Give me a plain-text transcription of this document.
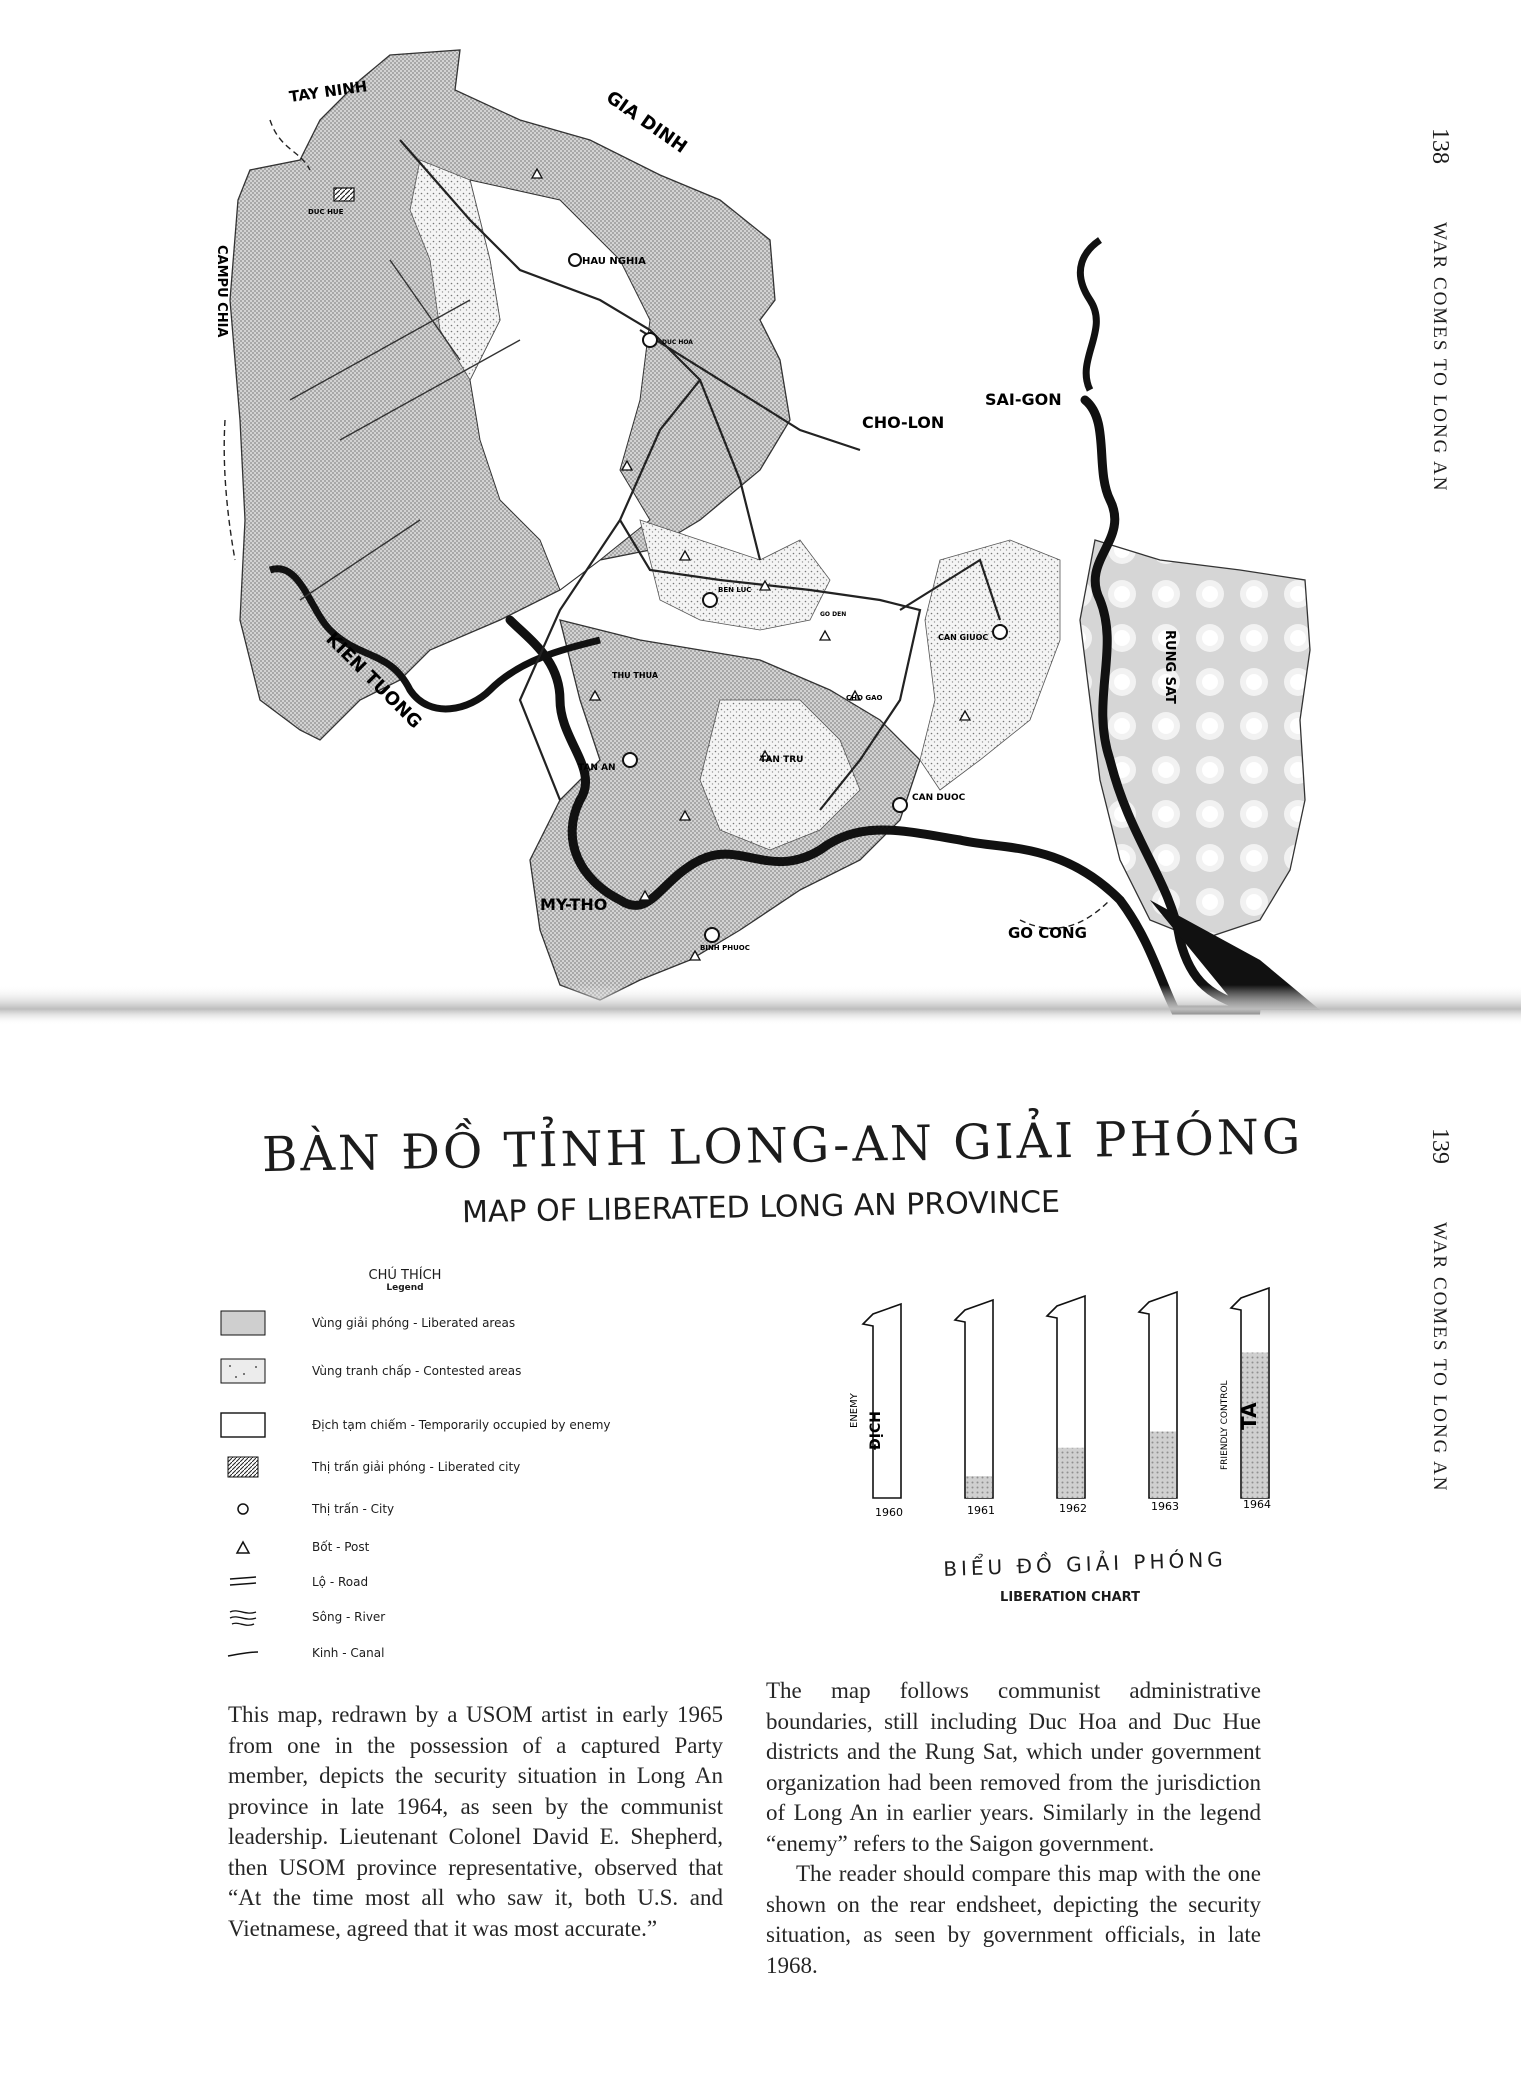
138
WAR COMES TO LONG AN
139
WAR COMES TO LONG AN
TAY NINH	GIA DINH
CAMPU CHIA
KIEN TUONG
SAI-GON
CHO-LON
MY-THO
GO CONG
RUNG SAT
DUC HUE
HAU NGHIA
DUC HOA
BEN LUC
THU THUA
TAN AN
TAN TRU
CAN GIUOC
CHO GAO
CAN DUOC
BINH PHUOC
GO DEN
BÀN ĐỒ TỈNH LONG-AN GIẢI PHÓNG
MAP OF LIBERATED LONG AN PROVINCE
CHÚ THÍCH
Legend
Vùng giải phóng - Liberated areas
Vùng tranh chấp - Contested areas
Địch tạm chiếm - Temporarily occupied by enemy
Thị trấn giải phóng - Liberated city
Thị trấn - City
Bốt - Post
Lộ - Road
Sông - River
Kinh - Canal
1960	1961	1962	1963	1964
ENEMY
ĐỊCH	FRIENDLY CONTROL TA
BIỂU ĐỒ GIẢI PHÓNG
LIBERATION CHART

This map, redrawn by a USOM artist in early 1965 from one in the possession of a captured Party member, depicts the security situation in Long An province in late 1964, as seen by the communist leadership. Lieutenant Colonel David E. Shepherd, then USOM province representative, observed that “At the time most all who saw it, both U.S. and Vietnamese, agreed that it was most accurate.”

The map follows communist administrative boundaries, still including Duc Hoa and Duc Hue districts and the Rung Sat, which under government organization had been removed from the jurisdiction of Long An in earlier years. Similarly in the legend “enemy” refers to the Saigon government.

The reader should compare this map with the one shown on the rear endsheet, depicting the security situation, as seen by government officials, in late 1968.
